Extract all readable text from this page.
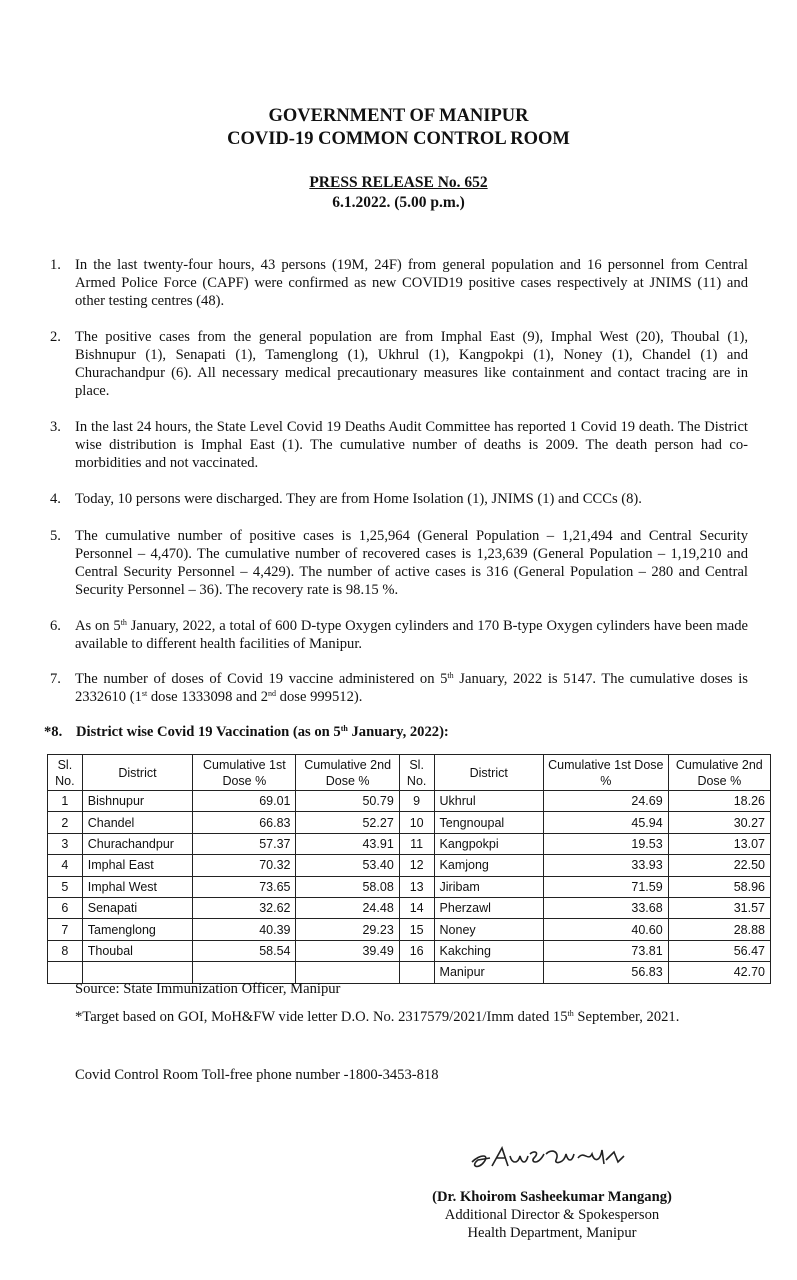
GOVERNMENT OF MANIPUR
COVID-19 COMMON CONTROL ROOM
PRESS RELEASE No. 652
6.1.2022. (5.00 p.m.)
1. In the last twenty-four hours, 43 persons (19M, 24F) from general population and 16 personnel from Central Armed Police Force (CAPF) were confirmed as new COVID19 positive cases respectively at JNIMS (11) and other testing centres (48).
2. The positive cases from the general population are from Imphal East (9), Imphal West (20), Thoubal (1), Bishnupur (1), Senapati (1), Tamenglong (1), Ukhrul (1), Kangpokpi (1), Noney (1), Chandel (1) and Churachandpur (6). All necessary medical precautionary measures like containment and contact tracing are in place.
3. In the last 24 hours, the State Level Covid 19 Deaths Audit Committee has reported 1 Covid 19 death. The District wise distribution is Imphal East (1). The cumulative number of deaths is 2009. The death person had co-morbidities and not vaccinated.
4. Today, 10 persons were discharged. They are from Home Isolation (1), JNIMS (1) and CCCs (8).
5. The cumulative number of positive cases is 1,25,964 (General Population – 1,21,494 and Central Security Personnel – 4,470). The cumulative number of recovered cases is 1,23,639 (General Population – 1,19,210 and Central Security Personnel – 4,429). The number of active cases is 316 (General Population – 280 and Central Security Personnel – 36). The recovery rate is 98.15 %.
6. As on 5th January, 2022, a total of 600 D-type Oxygen cylinders and 170 B-type Oxygen cylinders have been made available to different health facilities of Manipur.
7. The number of doses of Covid 19 vaccine administered on 5th January, 2022 is 5147. The cumulative doses is 2332610 (1st dose 1333098 and 2nd dose 999512).
*8. District wise Covid 19 Vaccination (as on 5th January, 2022):
Sl. No.	District	Cumulative 1st Dose %	Cumulative 2nd Dose %	Sl. No.	District	Cumulative 1st Dose %	Cumulative 2nd Dose %
1	Bishnupur	69.01	50.79	9	Ukhrul	24.69	18.26
2	Chandel	66.83	52.27	10	Tengnoupal	45.94	30.27
3	Churachandpur	57.37	43.91	11	Kangpokpi	19.53	13.07
4	Imphal East	70.32	53.40	12	Kamjong	33.93	22.50
5	Imphal West	73.65	58.08	13	Jiribam	71.59	58.96
6	Senapati	32.62	24.48	14	Pherzawl	33.68	31.57
7	Tamenglong	40.39	29.23	15	Noney	40.60	28.88
8	Thoubal	58.54	39.49	16	Kakching	73.81	56.47
					Manipur	56.83	42.70
Source: State Immunization Officer, Manipur
*Target based on GOI, MoH&FW vide letter D.O. No. 2317579/2021/Imm dated 15th September, 2021.
Covid Control Room Toll-free phone number -1800-3453-818
(Dr. Khoirom Sasheekumar Mangang)
Additional Director & Spokesperson
Health Department, Manipur
